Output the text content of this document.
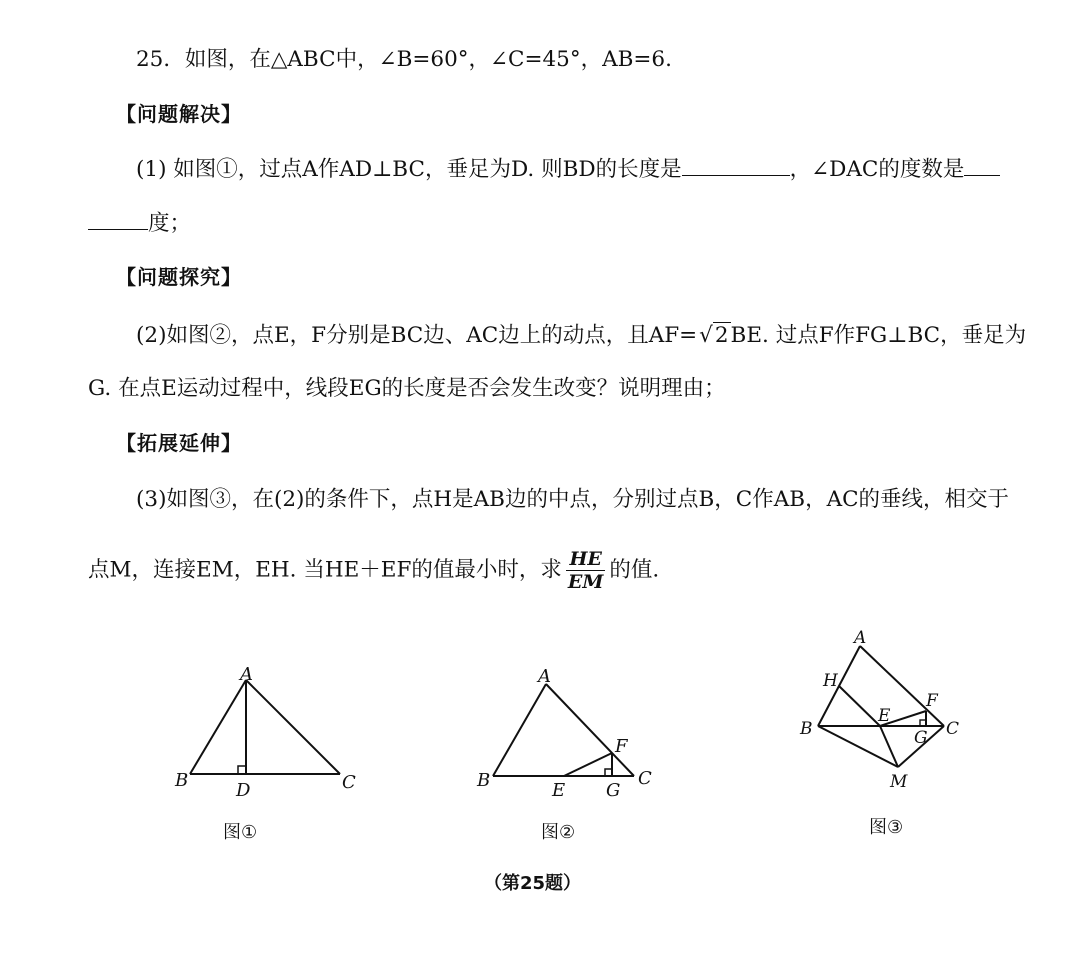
25．如图，在△ABC中，∠B=60°，∠C=45°，AB=6.
【问题解决】
(1) 如图①，过点A作AD⊥BC，垂足为D. 则BD的长度是	，∠DAC的度数是
度；
【问题探究】
(2)如图②，点E，F分别是BC边、AC边上的动点，且AF=√2BE. 过点F作FG⊥BC，垂足为
G. 在点E运动过程中，线段EG的长度是否会发生改变？说明理由；
【拓展延伸】
(3)如图③，在(2)的条件下，点H是AB边的中点，分别过点B，C作AB，AC的垂线，相交于
点M，连接EM，EH. 当HE＋EF的值最小时，求 $\frac{HE}{EM}$ 的值.
A
B	C
D
图①
A
B	C
E
F
G
图②
A
H
B
E
F
G C
M
图③
（第25题）
